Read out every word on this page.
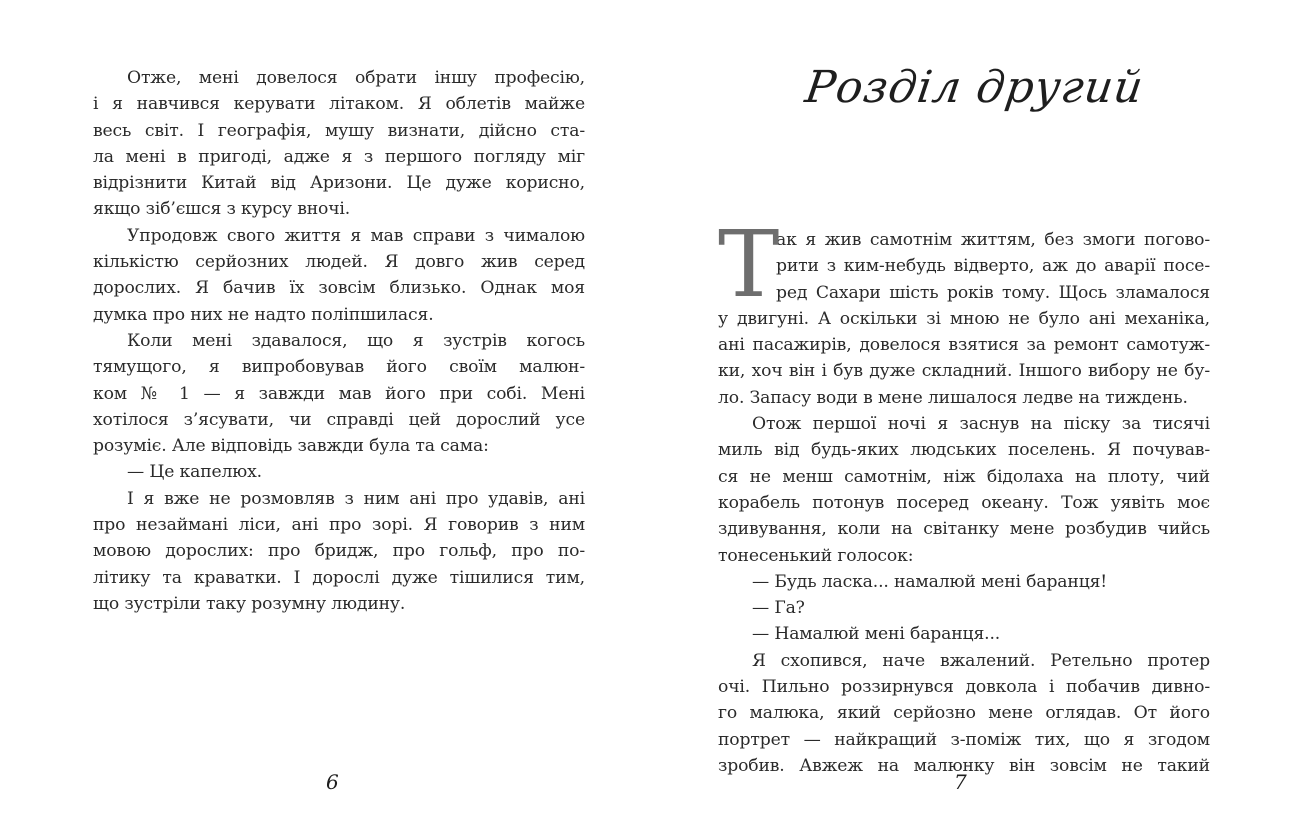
Отже, мені довелося обрати іншу професію,
і я навчився керувати літаком. Я облетів майже
весь світ. І географія, мушу визнати, дійсно ста-
ла мені в пригоді, адже я з першого погляду міг
відрізнити Китай від Аризони. Це дуже корисно,
якщо зіб’єшся з курсу вночі.
Упродовж свого життя я мав справи з чималою
кількістю серйозних людей. Я довго жив серед
дорослих. Я бачив їх зовсім близько. Однак моя
думка про них не надто поліпшилася.
Коли мені здавалося, що я зустрів когось
тямущого, я випробовував його своїм малюн-
ком № 1 — я завжди мав його при собі. Мені
хотілося з’ясувати, чи справді цей дорослий усе
розуміє. Але відповідь завжди була та сама:
— Це капелюх.
І я вже не розмовляв з ним ані про удавів, ані
про незаймані ліси, ані про зорі. Я говорив з ним
мовою дорослих: про бридж, про гольф, про по-
літику та краватки. І дорослі дуже тішилися тим,
що зустріли таку розумну людину.
6
Розділ другий
Т
ак я жив самотнім життям, без змоги погово-
рити з ким-небудь відверто, аж до аварії посе-
ред Сахари шість років тому. Щось зламалося
у двигуні. А оскільки зі мною не було ані механіка,
ані пасажирів, довелося взятися за ремонт самотуж-
ки, хоч він і був дуже складний. Іншого вибору не бу-
ло. Запасу води в мене лишалося ледве на тиждень.
Отож першої ночі я заснув на піску за тисячі
миль від будь-яких людських поселень. Я почував-
ся не менш самотнім, ніж бідолаха на плоту, чий
корабель потонув посеред океану. Тож уявіть моє
здивування, коли на світанку мене розбудив чийсь
тонесенький голосок:
— Будь ласка... намалюй мені баранця!
— Га?
— Намалюй мені баранця...
Я схопився, наче вжалений. Ретельно протер
очі. Пильно роззирнувся довкола і побачив дивно-
го малюка, який серйозно мене оглядав. От його
портрет — найкращий з-поміж тих, що я згодом
зробив. Авжеж на малюнку він зовсім не такий
7
